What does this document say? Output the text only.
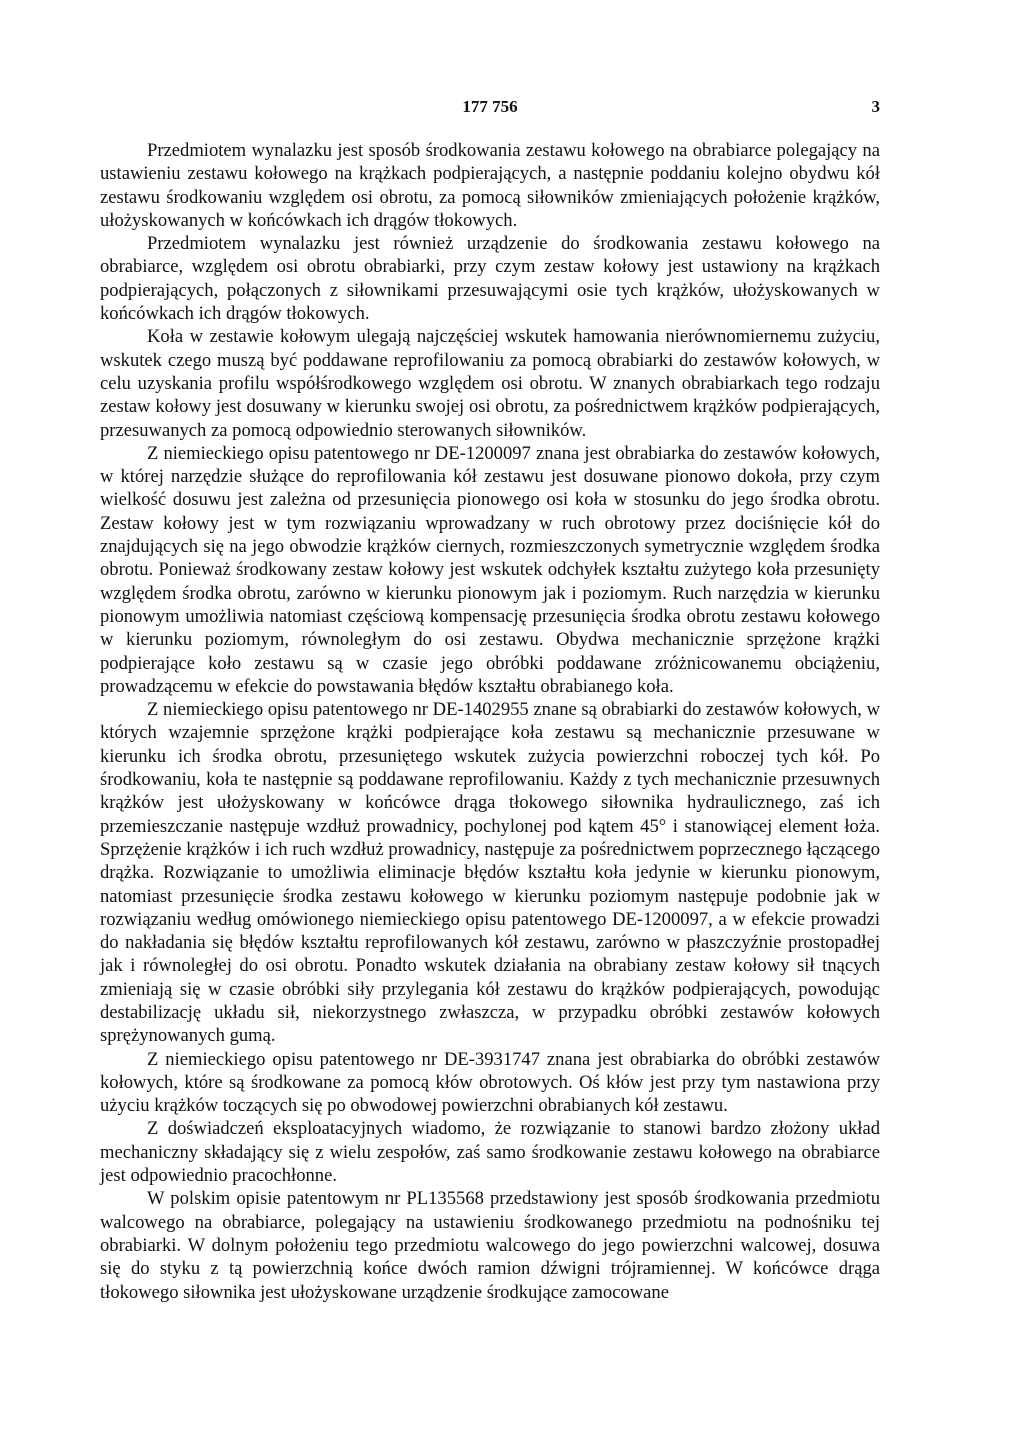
177 756	3

Przedmiotem wynalazku jest sposób środkowania zestawu kołowego na obrabiarce polegający na ustawieniu zestawu kołowego na krążkach podpierających, a następnie poddaniu kolejno obydwu kół zestawu środkowaniu względem osi obrotu, za pomocą siłowników zmieniających położenie krążków, ułożyskowanych w końcówkach ich drągów tłokowych.

Przedmiotem wynalazku jest również urządzenie do środkowania zestawu kołowego na obrabiarce, względem osi obrotu obrabiarki, przy czym zestaw kołowy jest ustawiony na krążkach podpierających, połączonych z siłownikami przesuwającymi osie tych krążków, ułożyskowanych w końcówkach ich drągów tłokowych.

Koła w zestawie kołowym ulegają najczęściej wskutek hamowania nierównomiernemu zużyciu, wskutek czego muszą być poddawane reprofilowaniu za pomocą obrabiarki do zestawów kołowych, w celu uzyskania profilu współśrodkowego względem osi obrotu. W znanych obrabiarkach tego rodzaju zestaw kołowy jest dosuwany w kierunku swojej osi obrotu, za pośrednictwem krążków podpierających, przesuwanych za pomocą odpowiednio sterowanych siłowników.

Z niemieckiego opisu patentowego nr DE-1200097 znana jest obrabiarka do zestawów kołowych, w której narzędzie służące do reprofilowania kół zestawu jest dosuwane pionowo dokoła, przy czym wielkość dosuwu jest zależna od przesunięcia pionowego osi koła w stosunku do jego środka obrotu. Zestaw kołowy jest w tym rozwiązaniu wprowadzany w ruch obrotowy przez dociśnięcie kół do znajdujących się na jego obwodzie krążków ciernych, rozmieszczonych symetrycznie względem środka obrotu. Ponieważ środkowany zestaw kołowy jest wskutek odchyłek kształtu zużytego koła przesunięty względem środka obrotu, zarówno w kierunku pionowym jak i poziomym. Ruch narzędzia w kierunku pionowym umożliwia natomiast częściową kompensację przesunięcia środka obrotu zestawu kołowego w kierunku poziomym, równoległym do osi zestawu. Obydwa mechanicznie sprzężone krążki podpierające koło zestawu są w czasie jego obróbki poddawane zróżnicowanemu obciążeniu, prowadzącemu w efekcie do powstawania błędów kształtu obrabianego koła.

Z niemieckiego opisu patentowego nr DE-1402955 znane są obrabiarki do zestawów kołowych, w których wzajemnie sprzężone krążki podpierające koła zestawu są mechanicznie przesuwane w kierunku ich środka obrotu, przesuniętego wskutek zużycia powierzchni roboczej tych kół. Po środkowaniu, koła te następnie są poddawane reprofilowaniu. Każdy z tych mechanicznie przesuwnych krążków jest ułożyskowany w końcówce drąga tłokowego siłownika hydraulicznego, zaś ich przemieszczanie następuje wzdłuż prowadnicy, pochylonej pod kątem 45° i stanowiącej element łoża. Sprzężenie krążków i ich ruch wzdłuż prowadnicy, następuje za pośrednictwem poprzecznego łączącego drążka. Rozwiązanie to umożliwia eliminacje błędów kształtu koła jedynie w kierunku pionowym, natomiast przesunięcie środka zestawu kołowego w kierunku poziomym następuje podobnie jak w rozwiązaniu według omówionego niemieckiego opisu patentowego DE-1200097, a w efekcie prowadzi do nakładania się błędów kształtu reprofilowanych kół zestawu, zarówno w płaszczyźnie prostopadłej jak i równoległej do osi obrotu. Ponadto wskutek działania na obrabiany zestaw kołowy sił tnących zmieniają się w czasie obróbki siły przylegania kół zestawu do krążków podpierających, powodując destabilizację układu sił, niekorzystnego zwłaszcza, w przypadku obróbki zestawów kołowych sprężynowanych gumą.

Z niemieckiego opisu patentowego nr DE-3931747 znana jest obrabiarka do obróbki zestawów kołowych, które są środkowane za pomocą kłów obrotowych. Oś kłów jest przy tym nastawiona przy użyciu krążków toczących się po obwodowej powierzchni obrabianych kół zestawu.

Z doświadczeń eksploatacyjnych wiadomo, że rozwiązanie to stanowi bardzo złożony układ mechaniczny składający się z wielu zespołów, zaś samo środkowanie zestawu kołowego na obrabiarce jest odpowiednio pracochłonne.

W polskim opisie patentowym nr PL135568 przedstawiony jest sposób środkowania przedmiotu walcowego na obrabiarce, polegający na ustawieniu środkowanego przedmiotu na podnośniku tej obrabiarki. W dolnym położeniu tego przedmiotu walcowego do jego powierzchni walcowej, dosuwa się do styku z tą powierzchnią końce dwóch ramion dźwigni trójramiennej. W końcówce drąga tłokowego siłownika jest ułożyskowane urządzenie środkujące zamocowane
